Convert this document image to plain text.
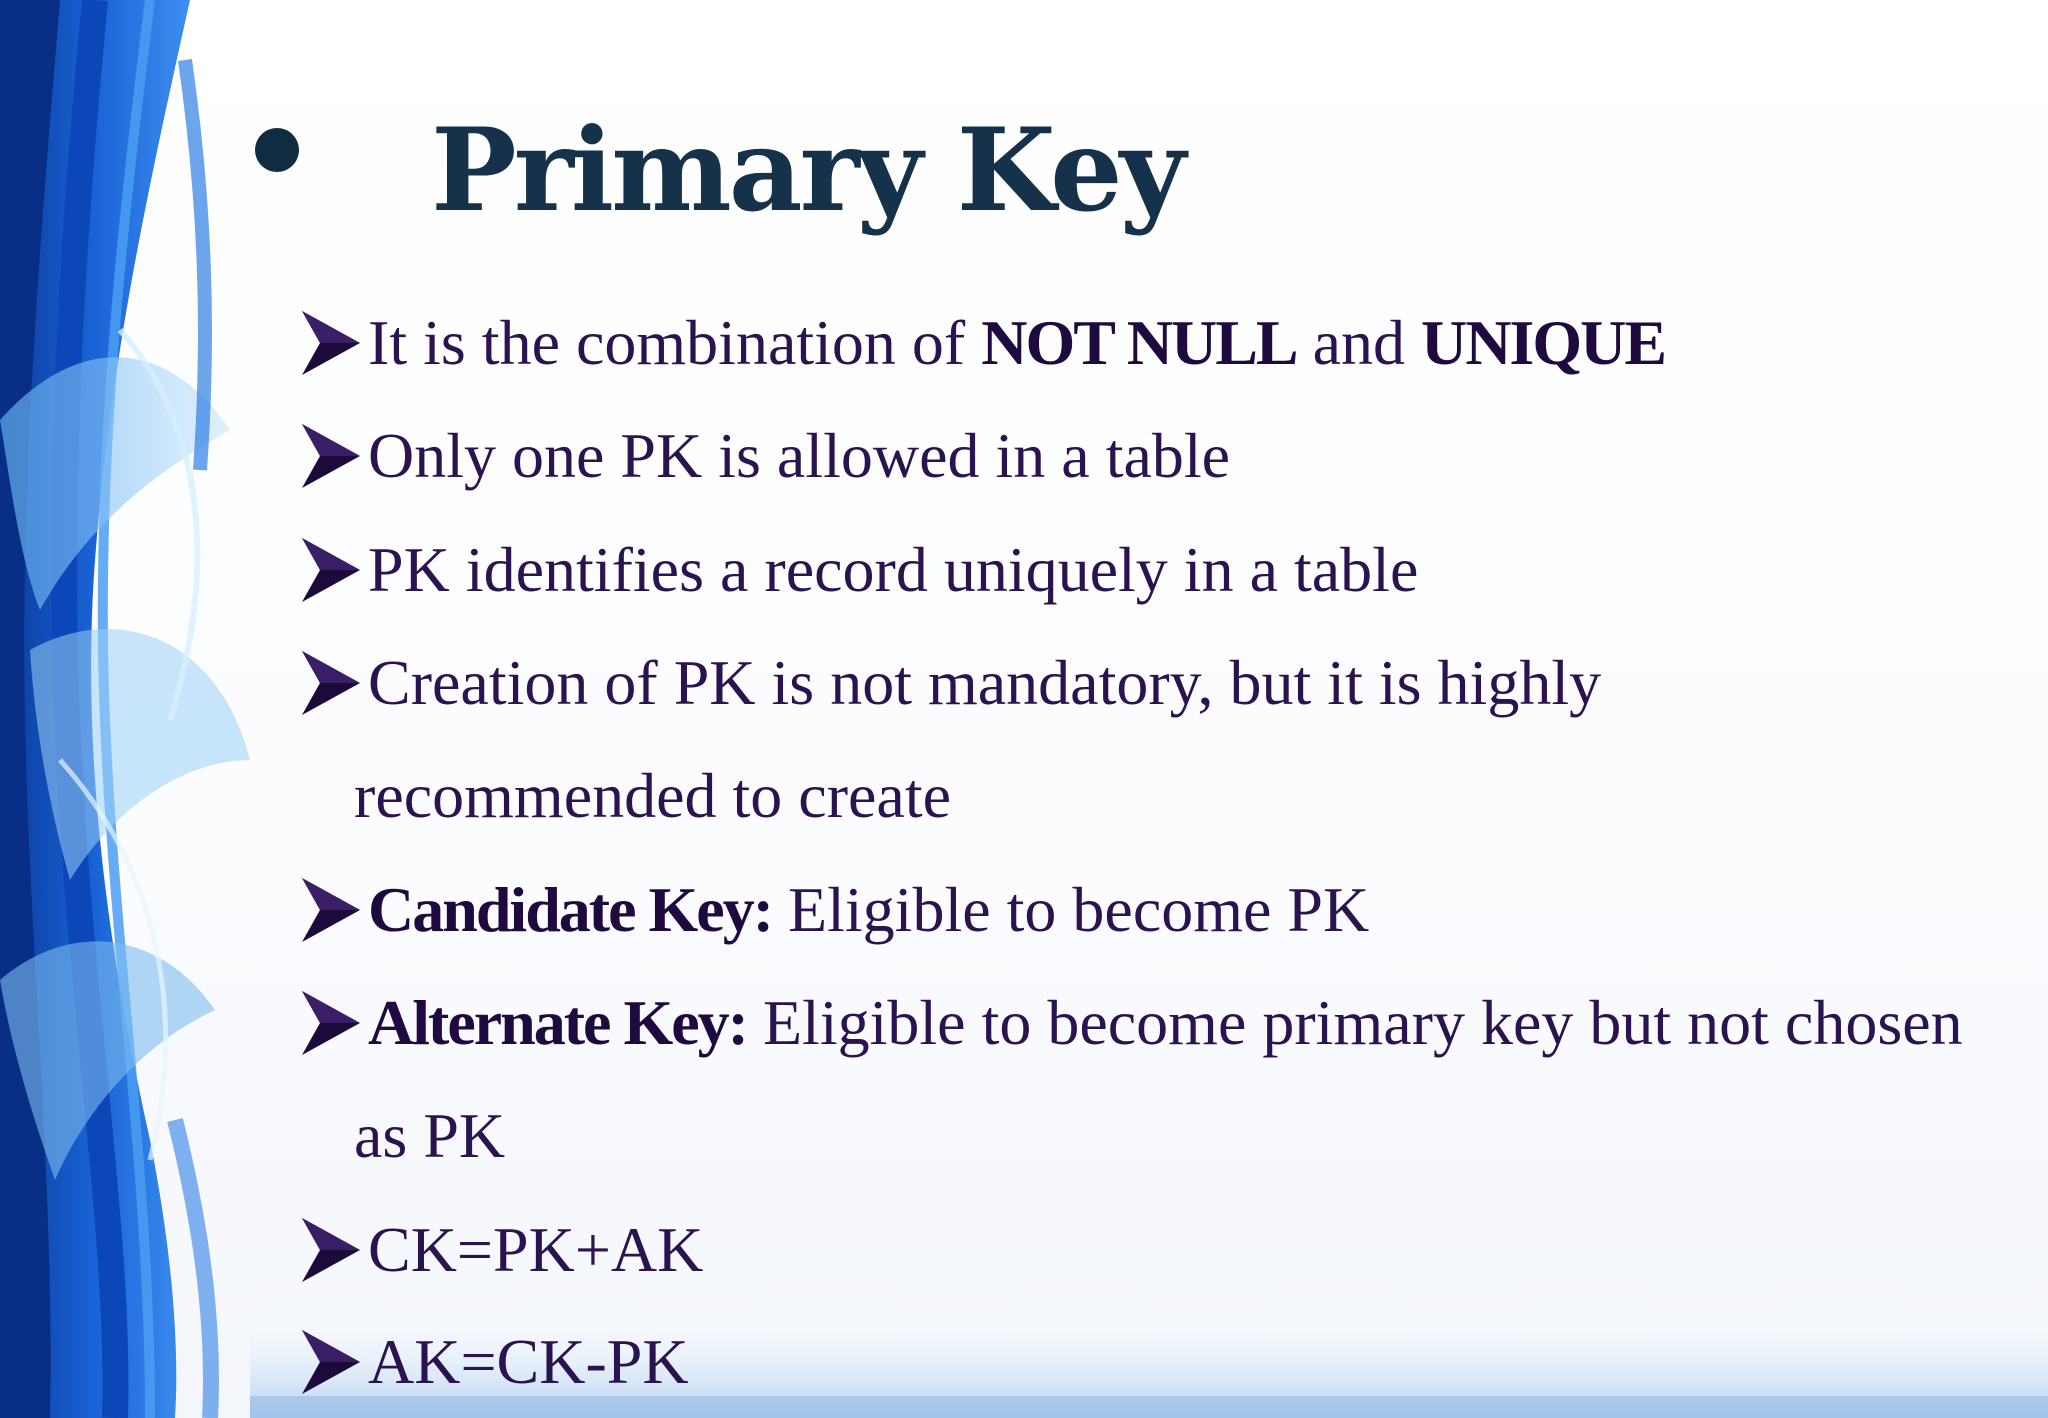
Primary Key
It is the combination of NOT NULL and UNIQUE
Only one PK is allowed in a table
PK identifies a record uniquely in a table
Creation of PK is not mandatory, but it is highly
recommended to create
Candidate Key: Eligible to become PK
Alternate Key: Eligible to become primary key but not chosen
as PK
CK=PK+AK
AK=CK-PK
